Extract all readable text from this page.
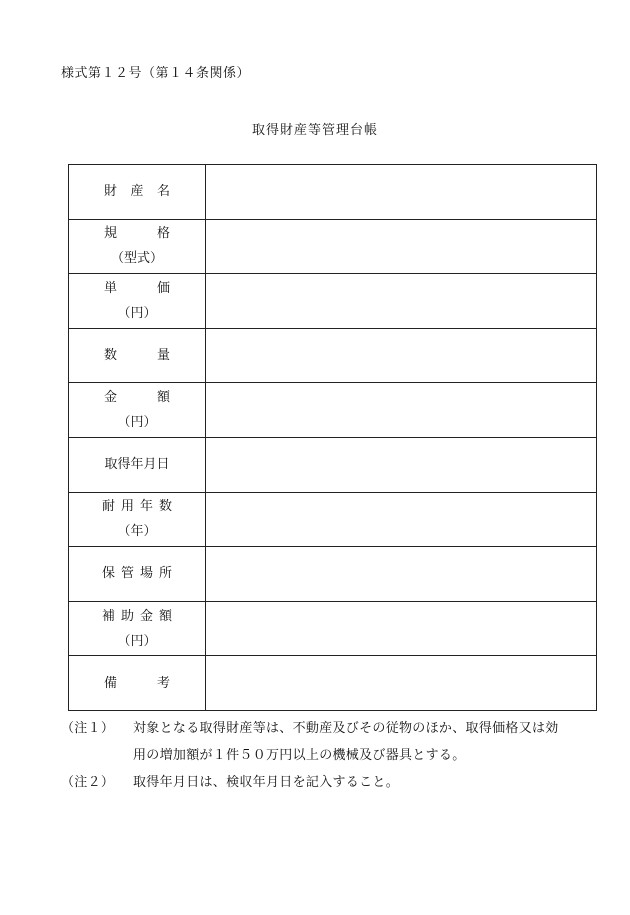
様式第１２号（第１４条関係）
取得財産等管理台帳
財 産 名	

規 格
（型式）	

単 価
（円）	

数 量	

金 額
（円）	

取得年月日	

耐 用 年 数
（年）	

保 管 場 所	

補 助 金 額
（円）	

備 考	

（注１） 対象となる取得財産等は、不動産及びその従物のほか、取得価格又は効
用の増加額が１件５０万円以上の機械及び器具とする。
（注２） 取得年月日は、検収年月日を記入すること。
